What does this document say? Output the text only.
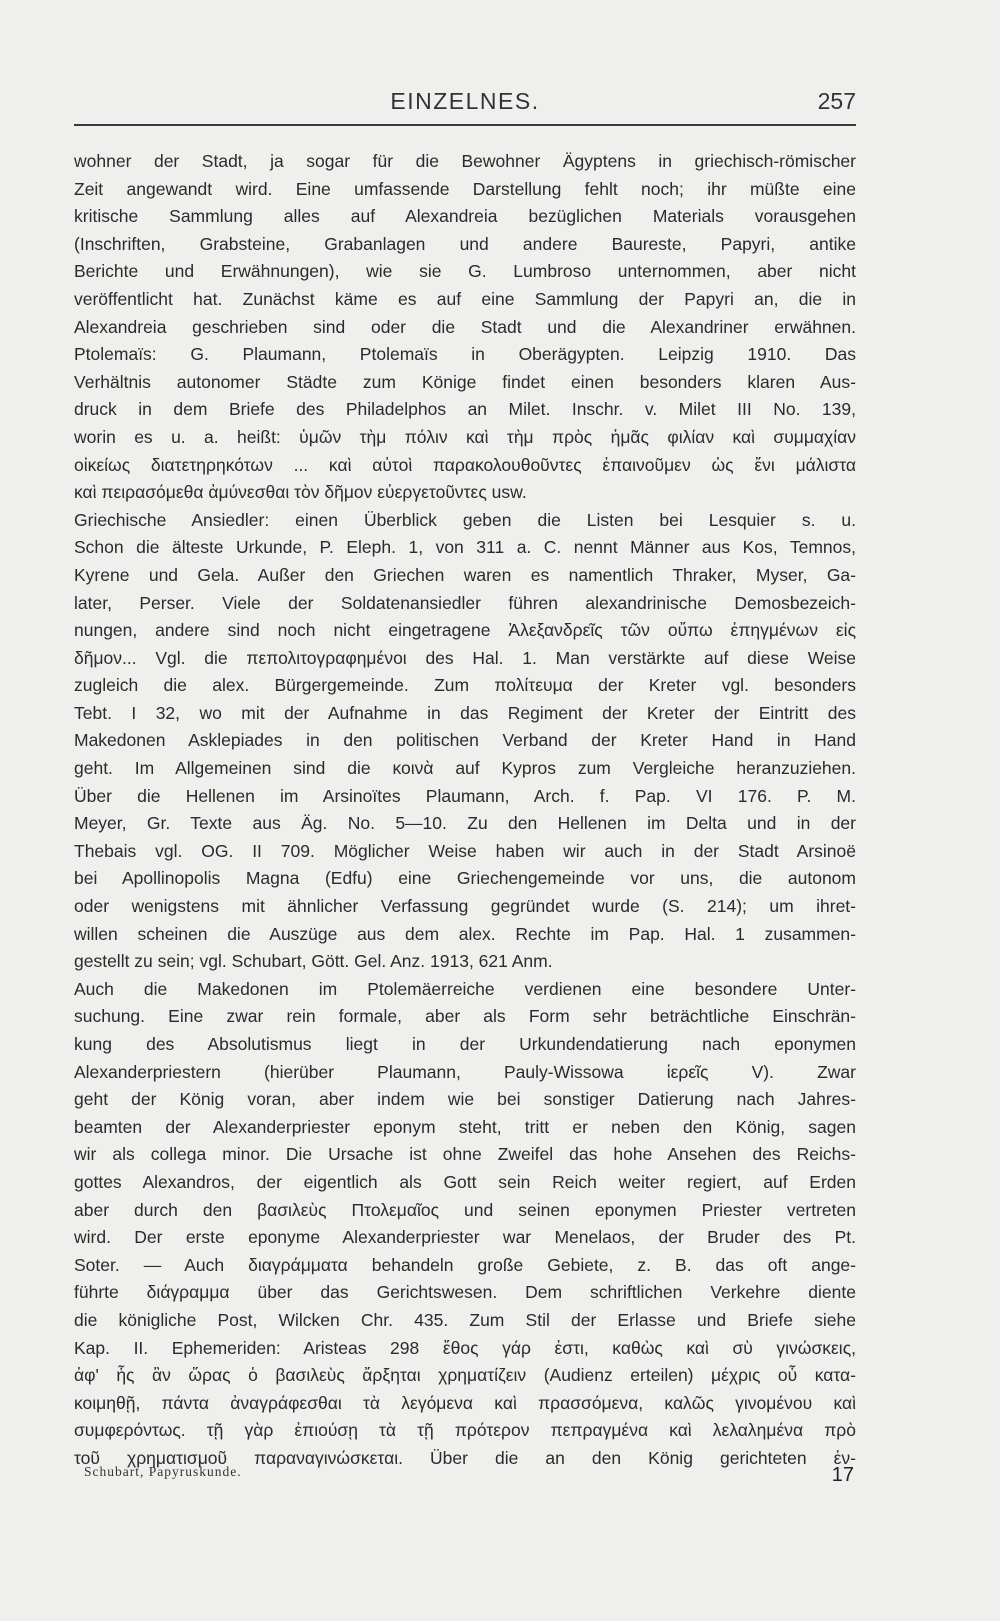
EINZELNES.	257
wohner der Stadt, ja sogar für die Bewohner Ägyptens in griechisch-römischer
Zeit angewandt wird. Eine umfassende Darstellung fehlt noch; ihr müßte eine
kritische Sammlung alles auf Alexandreia bezüglichen Materials vorausgehen
(Inschriften, Grabsteine, Grabanlagen und andere Baureste, Papyri, antike
Berichte und Erwähnungen), wie sie G. Lumbroso unternommen, aber nicht
veröffentlicht hat. Zunächst käme es auf eine Sammlung der Papyri an, die in
Alexandreia geschrieben sind oder die Stadt und die Alexandriner erwähnen.
Ptolemaïs: G. Plaumann, Ptolemaïs in Oberägypten. Leipzig 1910. Das
Verhältnis autonomer Städte zum Könige findet einen besonders klaren Aus-
druck in dem Briefe des Philadelphos an Milet. Inschr. v. Milet III No. 139,
worin es u. a. heißt: ὑμῶν τὴμ πόλιν καὶ τὴμ πρὸς ἡμᾶς φιλίαν καὶ συμμαχίαν
οἰκείως διατετηρηκότων ... καὶ αὐτοὶ παρακολουθοῦντες ἐπαινοῦμεν ὡς ἔνι μάλιστα
καὶ πειρασόμεθα ἀμύνεσθαι τὸν δῆμον εὐεργετοῦντες usw.
Griechische Ansiedler: einen Überblick geben die Listen bei Lesquier s. u.
Schon die älteste Urkunde, P. Eleph. 1, von 311 a. C. nennt Männer aus Kos, Temnos,
Kyrene und Gela. Außer den Griechen waren es namentlich Thraker, Myser, Ga-
later, Perser. Viele der Soldatenansiedler führen alexandrinische Demosbezeich-
nungen, andere sind noch nicht eingetragene Ἀλεξανδρεῖς τῶν οὔπω ἐπηγμένων εἰς
δῆμον... Vgl. die πεπολιτογραφημένοι des Hal. 1. Man verstärkte auf diese Weise
zugleich die alex. Bürgergemeinde. Zum πολίτευμα der Kreter vgl. besonders
Tebt. I 32, wo mit der Aufnahme in das Regiment der Kreter der Eintritt des
Makedonen Asklepiades in den politischen Verband der Kreter Hand in Hand
geht. Im Allgemeinen sind die κοινὰ auf Kypros zum Vergleiche heranzuziehen.
Über die Hellenen im Arsinoïtes Plaumann, Arch. f. Pap. VI 176. P. M.
Meyer, Gr. Texte aus Äg. No. 5—10. Zu den Hellenen im Delta und in der
Thebais vgl. OG. II 709. Möglicher Weise haben wir auch in der Stadt Arsinoë
bei Apollinopolis Magna (Edfu) eine Griechengemeinde vor uns, die autonom
oder wenigstens mit ähnlicher Verfassung gegründet wurde (S. 214); um ihret-
willen scheinen die Auszüge aus dem alex. Rechte im Pap. Hal. 1 zusammen-
gestellt zu sein; vgl. Schubart, Gött. Gel. Anz. 1913, 621 Anm.
Auch die Makedonen im Ptolemäerreiche verdienen eine besondere Unter-
suchung. Eine zwar rein formale, aber als Form sehr beträchtliche Einschrän-
kung des Absolutismus liegt in der Urkundendatierung nach eponymen
Alexanderpriestern (hierüber Plaumann, Pauly-Wissowa ἱερεῖς V). Zwar
geht der König voran, aber indem wie bei sonstiger Datierung nach Jahres-
beamten der Alexanderpriester eponym steht, tritt er neben den König, sagen
wir als collega minor. Die Ursache ist ohne Zweifel das hohe Ansehen des Reichs-
gottes Alexandros, der eigentlich als Gott sein Reich weiter regiert, auf Erden
aber durch den βασιλεὺς Πτολεμαῖος und seinen eponymen Priester vertreten
wird. Der erste eponyme Alexanderpriester war Menelaos, der Bruder des Pt.
Soter. — Auch διαγράμματα behandeln große Gebiete, z. B. das oft ange-
führte διάγραμμα über das Gerichtswesen. Dem schriftlichen Verkehre diente
die königliche Post, Wilcken Chr. 435. Zum Stil der Erlasse und Briefe siehe
Kap. II. Ephemeriden: Aristeas 298 ἔθος γάρ ἐστι, καθὼς καὶ σὺ γινώσκεις,
ἀφ' ἧς ἂν ὥρας ὁ βασιλεὺς ἄρξηται χρηματίζειν (Audienz erteilen) μέχρις οὗ κατα-
κοιμηθῇ, πάντα ἀναγράφεσθαι τὰ λεγόμενα καὶ πρασσόμενα, καλῶς γινομένου καὶ
συμφερόντως. τῇ γὰρ ἐπιούσῃ τὰ τῇ πρότερον πεπραγμένα καὶ λελαλημένα πρὸ
τοῦ χρηματισμοῦ παραναγινώσκεται. Über die an den König gerichteten ἐν-
Schubart, Papyruskunde.	17
